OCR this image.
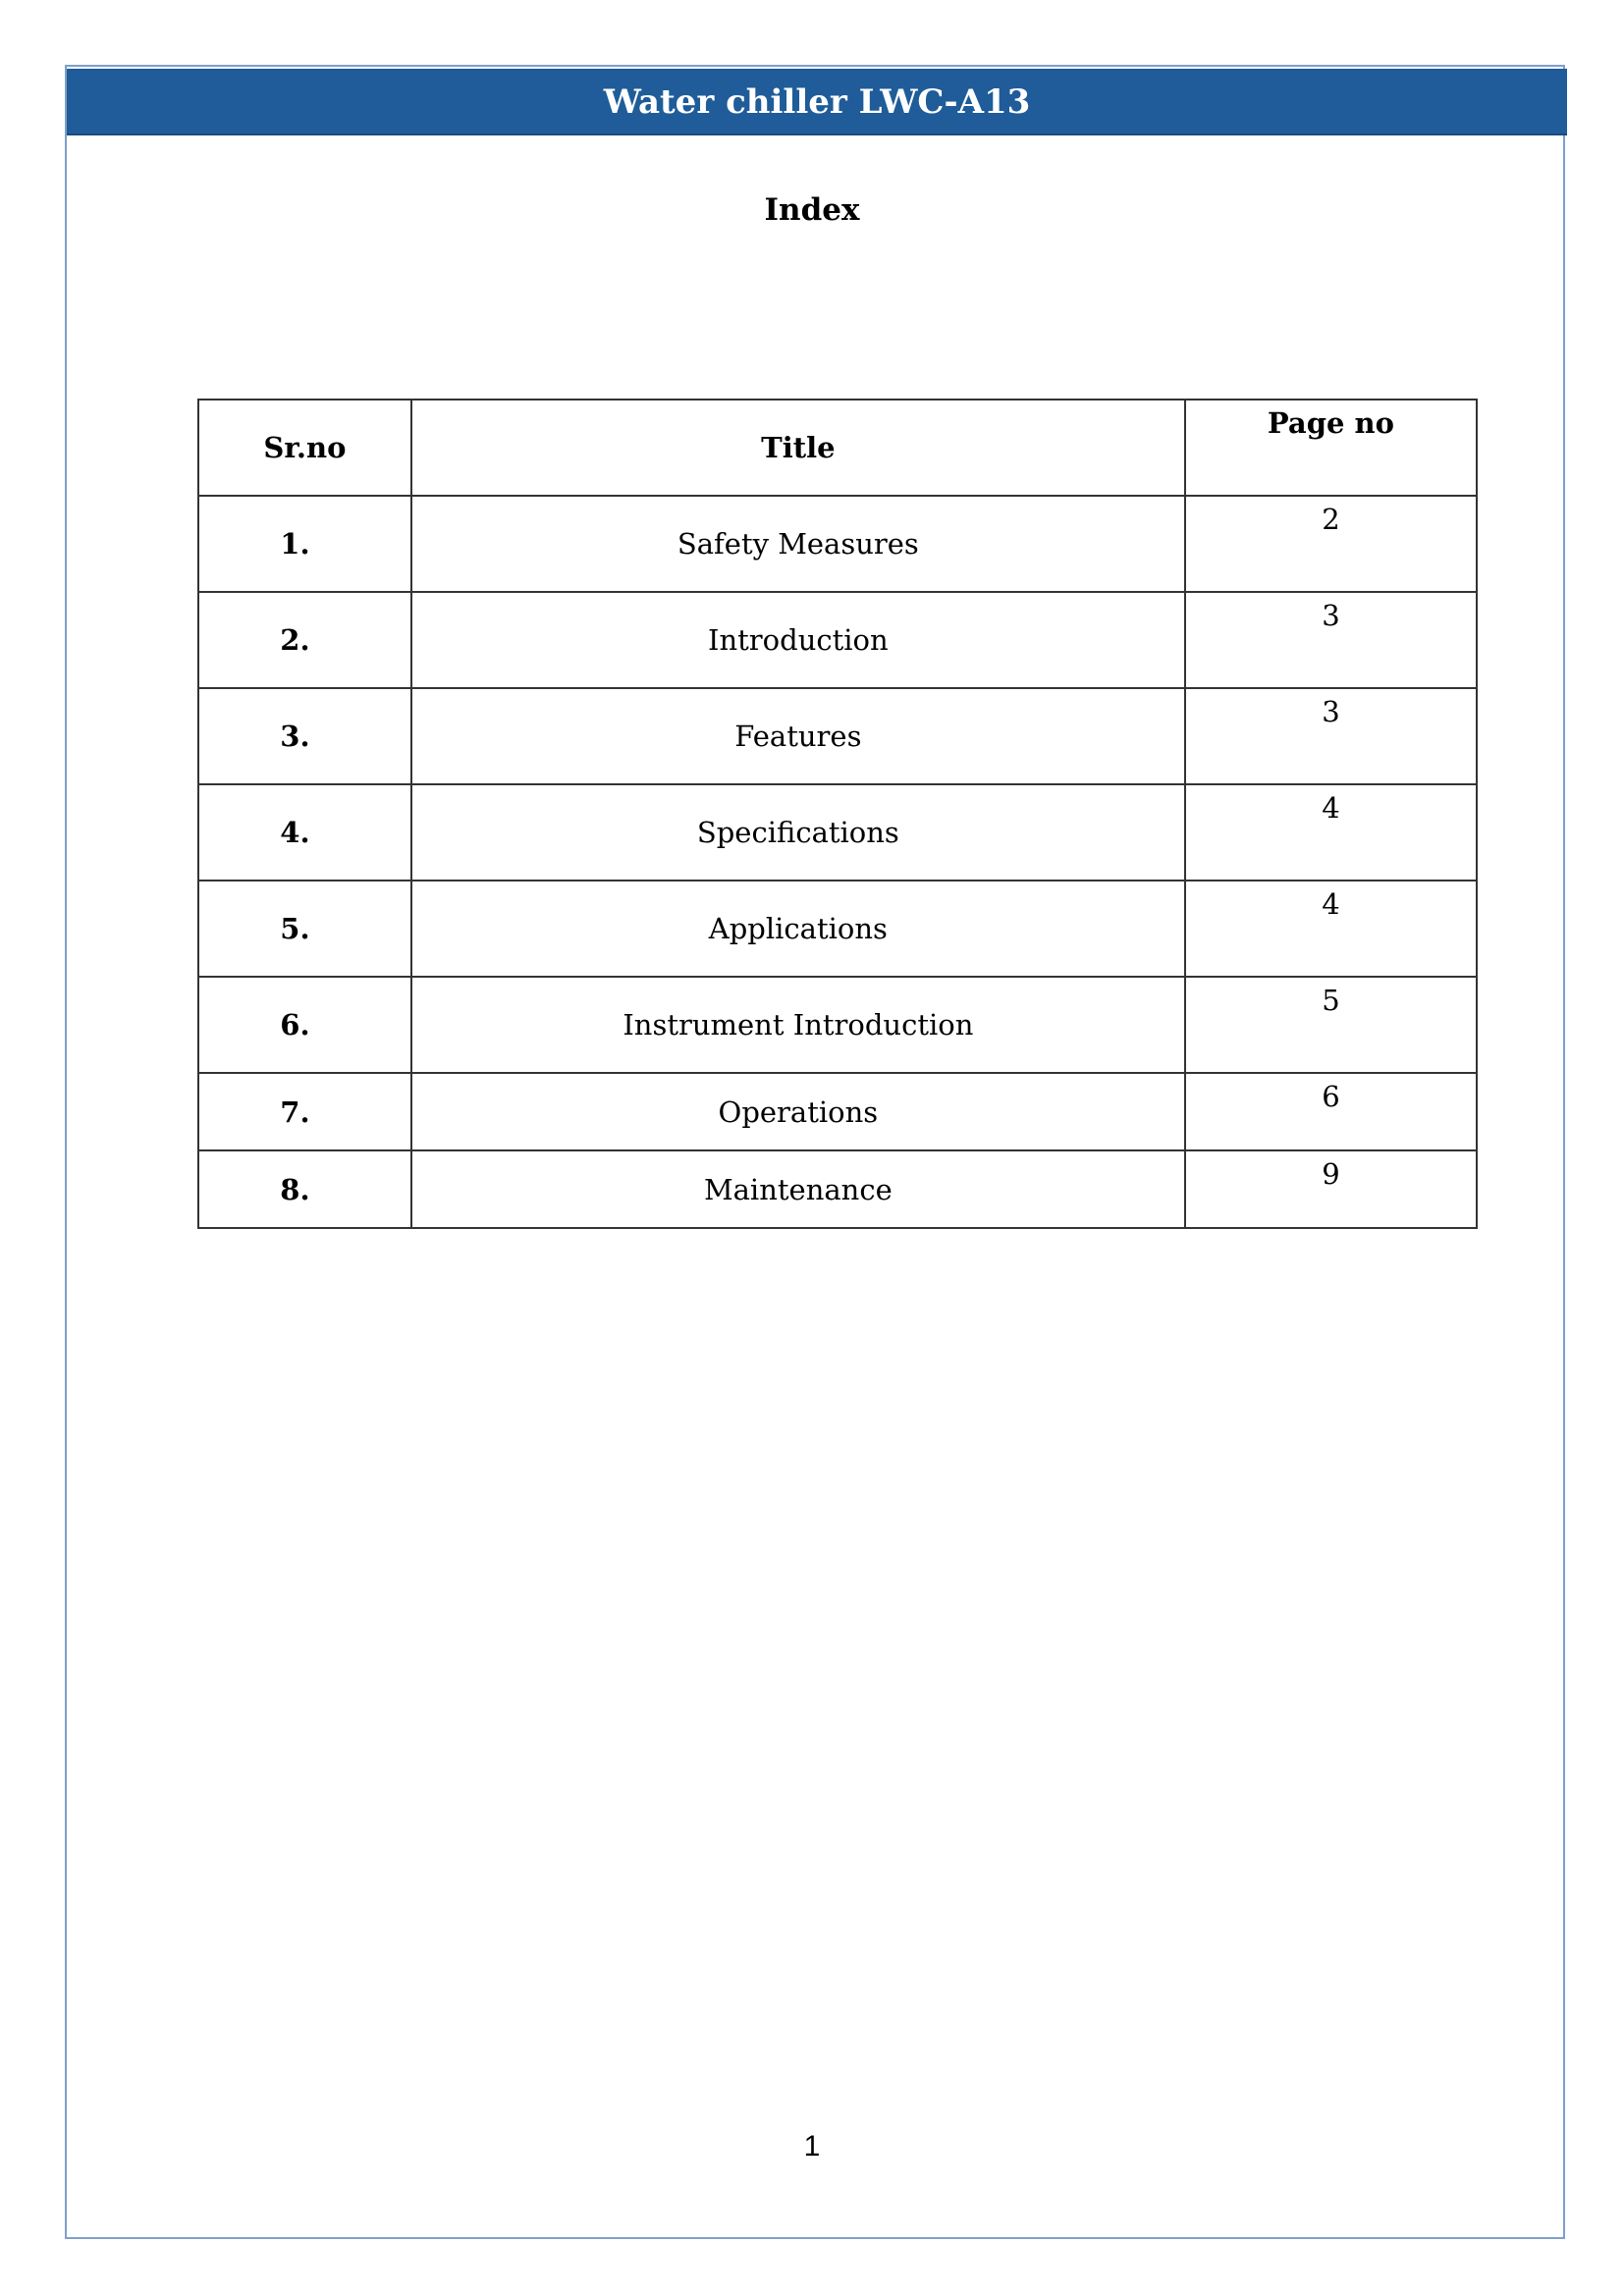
Water chiller LWC-A13
Index
Sr.no	Title	Page no
1.	Safety Measures	2
2.	Introduction	3
3.	Features	3
4.	Specifications	4
5.	Applications	4
6.	Instrument Introduction	5
7.	Operations	6
8.	Maintenance	9
1
